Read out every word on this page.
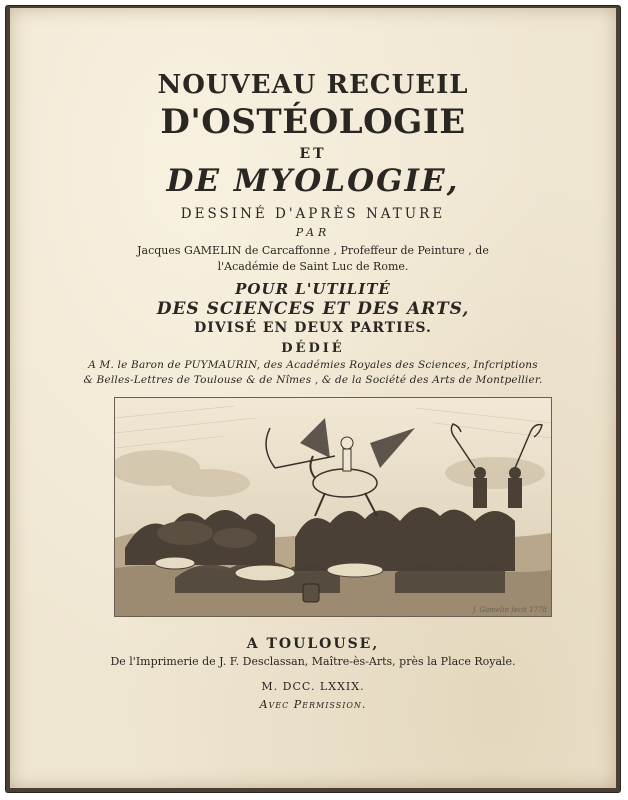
NOUVEAU RECUEIL
D'OSTÉOLOGIE
ET
DE MYOLOGIE,
DESSINÉ D'APRÈS NATURE
PAR
Jacques GAMELIN de Carcaffonne , Profeffeur de Peinture , de
l'Académie de Saint Luc de Rome.
POUR L'UTILITÉ
DES SCIENCES ET DES ARTS,
DIVISÉ EN DEUX PARTIES.
DÉDIÉ
A M. le Baron de PUYMAURIN, des Académies Royales des Sciences, Infcriptions
& Belles-Lettres de Toulouse & de Nîmes , & de la Société des Arts de Montpellier.
J. Gamelin fecit 1778
A TOULOUSE,
De l'Imprimerie de J. F. Desclassan, Maître-ès-Arts, près la Place Royale.
M. DCC. LXXIX.
Avec Permission.
